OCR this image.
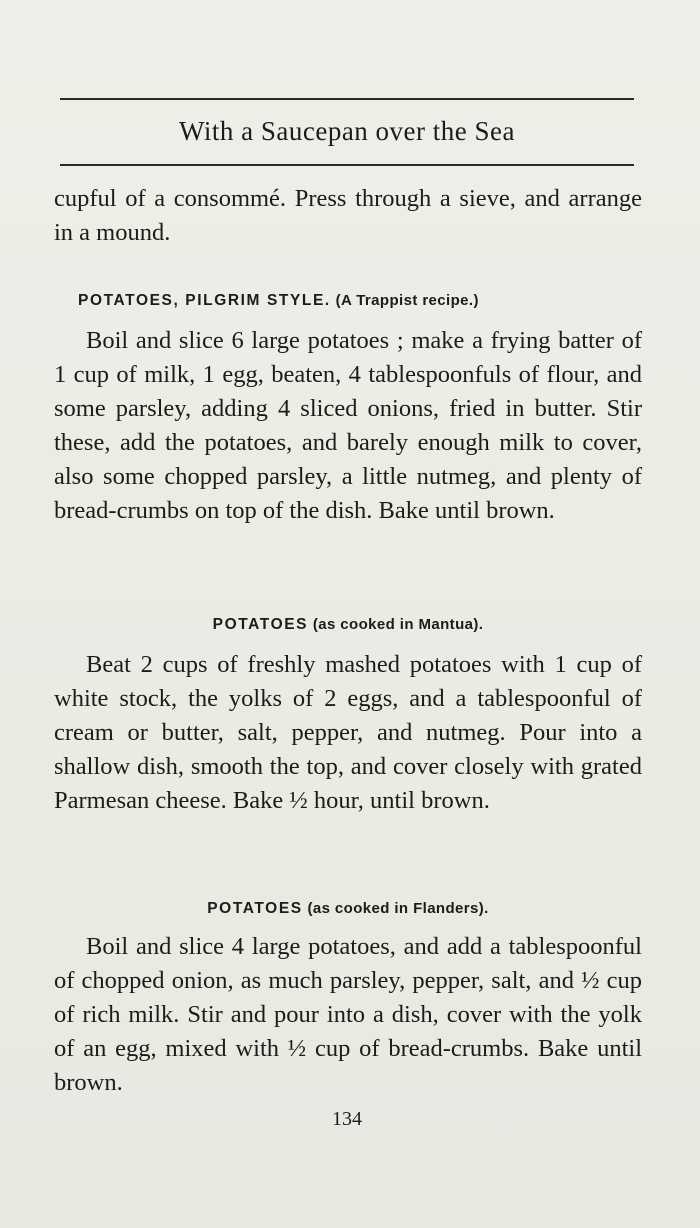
With a Saucepan over the Sea

cupful of a consommé. Press through a sieve, and arrange in a mound.

POTATOES, PILGRIM STYLE. (A Trappist recipe.)

Boil and slice 6 large potatoes ; make a frying batter of 1 cup of milk, 1 egg, beaten, 4 tablespoonfuls of flour, and some parsley, adding 4 sliced onions, fried in butter. Stir these, add the potatoes, and barely enough milk to cover, also some chopped parsley, a little nutmeg, and plenty of bread-crumbs on top of the dish. Bake until brown.

POTATOES (as cooked in Mantua).

Beat 2 cups of freshly mashed potatoes with 1 cup of white stock, the yolks of 2 eggs, and a tablespoonful of cream or butter, salt, pepper, and nutmeg. Pour into a shallow dish, smooth the top, and cover closely with grated Parmesan cheese. Bake ½ hour, until brown.

POTATOES (as cooked in Flanders).

Boil and slice 4 large potatoes, and add a tablespoonful of chopped onion, as much parsley, pepper, salt, and ½ cup of rich milk. Stir and pour into a dish, cover with the yolk of an egg, mixed with ½ cup of bread-crumbs. Bake until brown.

134
